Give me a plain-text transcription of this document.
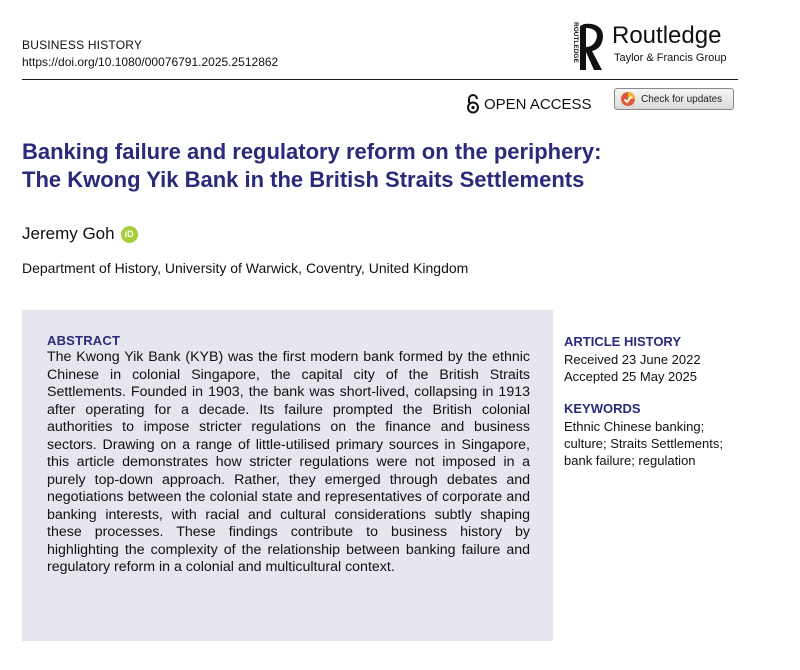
BUSINESS HISTORY
https://doi.org/10.1080/00076791.2025.2512862	ROUTLEDGE Routledge
Taylor & Francis Group
OPEN ACCESS	Check for updates
Banking failure and regulatory reform on the periphery:
The Kwong Yik Bank in the British Straits Settlements
Jeremy Goh	iD
Department of History, University of Warwick, Coventry, United Kingdom
ABSTRACT

The Kwong Yik Bank (KYB) was the first modern bank formed by the ethnic Chinese in colonial Singapore, the capital city of the British Straits Settlements. Founded in 1903, the bank was short-lived, collapsing in 1913 after operating for a decade. Its failure prompted the British colonial authorities to impose stricter regulations on the finance and business sectors. Drawing on a range of little-utilised primary sources in Singapore, this article demonstrates how stricter regulations were not imposed in a purely top-down approach. Rather, they emerged through debates and negotiations between the colonial state and representatives of corporate and banking interests, with racial and cultural considerations subtly shaping these processes. These findings contribute to business history by highlighting the complexity of the relationship between banking failure and regulatory reform in a colonial and multicultural context.

ARTICLE HISTORY
Received 23 June 2022
Accepted 25 May 2025
KEYWORDS
Ethnic Chinese banking; culture; Straits Settlements; bank failure; regulation
